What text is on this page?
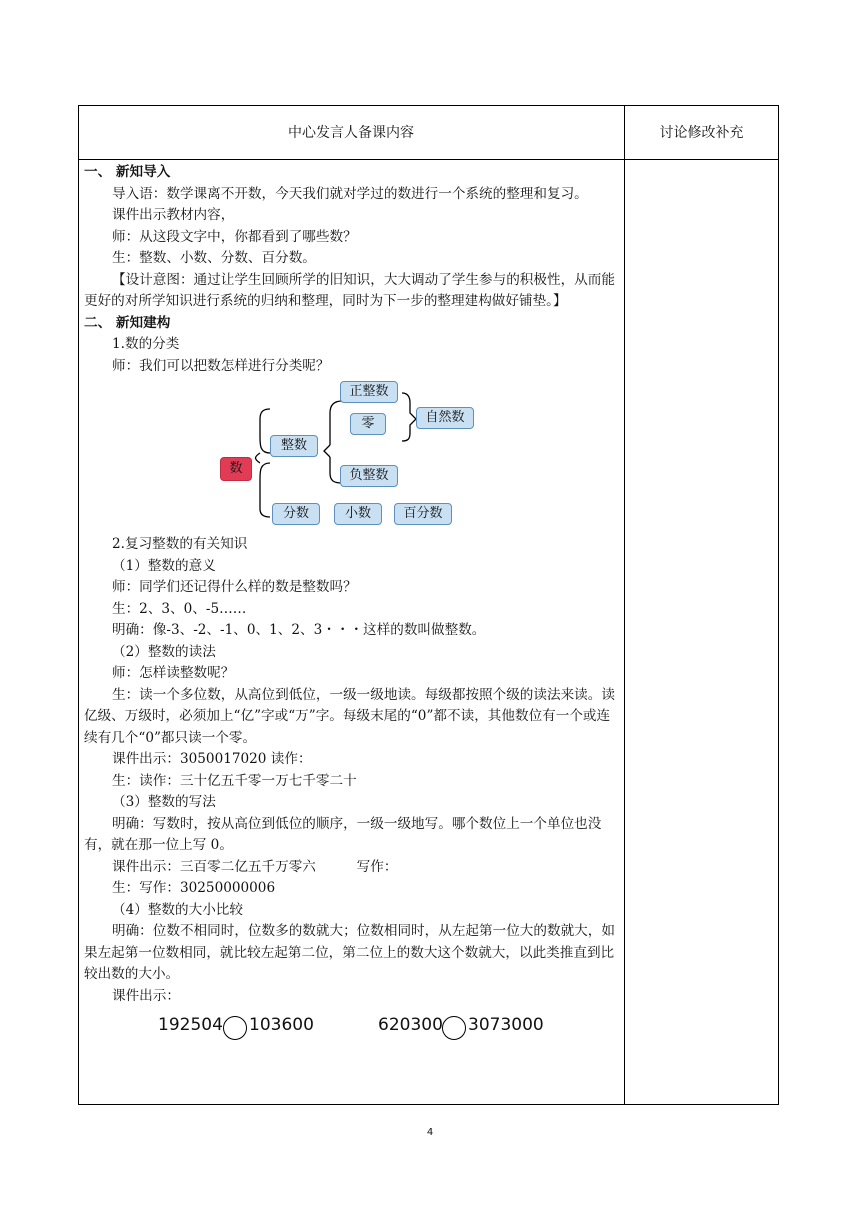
中心发言人备课内容	讨论修改补充

一、 新知导入

导入语：数学课离不开数，今天我们就对学过的数进行一个系统的整理和复习。

课件出示教材内容，

师：从这段文字中，你都看到了哪些数？

生：整数、小数、分数、百分数。

【设计意图：通过让学生回顾所学的旧知识，大大调动了学生参与的积极性，从而能更好的对所学知识进行系统的归纳和整理，同时为下一步的整理建构做好铺垫。】

二、 新知建构

1.数的分类

师：我们可以把数怎样进行分类呢？

数
整数
正整数
零
负整数
自然数
分数	小数	百分数

2.复习整数的有关知识

（1）整数的意义

师：同学们还记得什么样的数是整数吗？

生：2、3、0、-5……

明确：像-3、-2、-1、0、1、2、3・・・这样的数叫做整数。

（2）整数的读法

师：怎样读整数呢？

生：读一个多位数，从高位到低位，一级一级地读。每级都按照个级的读法来读。读亿级、万级时，必须加上“亿”字或“万”字。每级末尾的“0”都不读，其他数位有一个或连续有几个“0”都只读一个零。

课件出示：3050017020 读作：

生：读作：三十亿五千零一万七千零二十

（3）整数的写法

明确：写数时，按从高位到低位的顺序，一级一级地写。哪个数位上一个单位也没有，就在那一位上写 0。

课件出示：三百零二亿五千万零六　　　写作：

生：写作：30250000006

（4）整数的大小比较

明确：位数不相同时，位数多的数就大；位数相同时，从左起第一位大的数就大，如果左起第一位数相同，就比较左起第二位，第二位上的数大这个数就大，以此类推直到比较出数的大小。

课件出示：

192504 103600	620300 3073000
4
